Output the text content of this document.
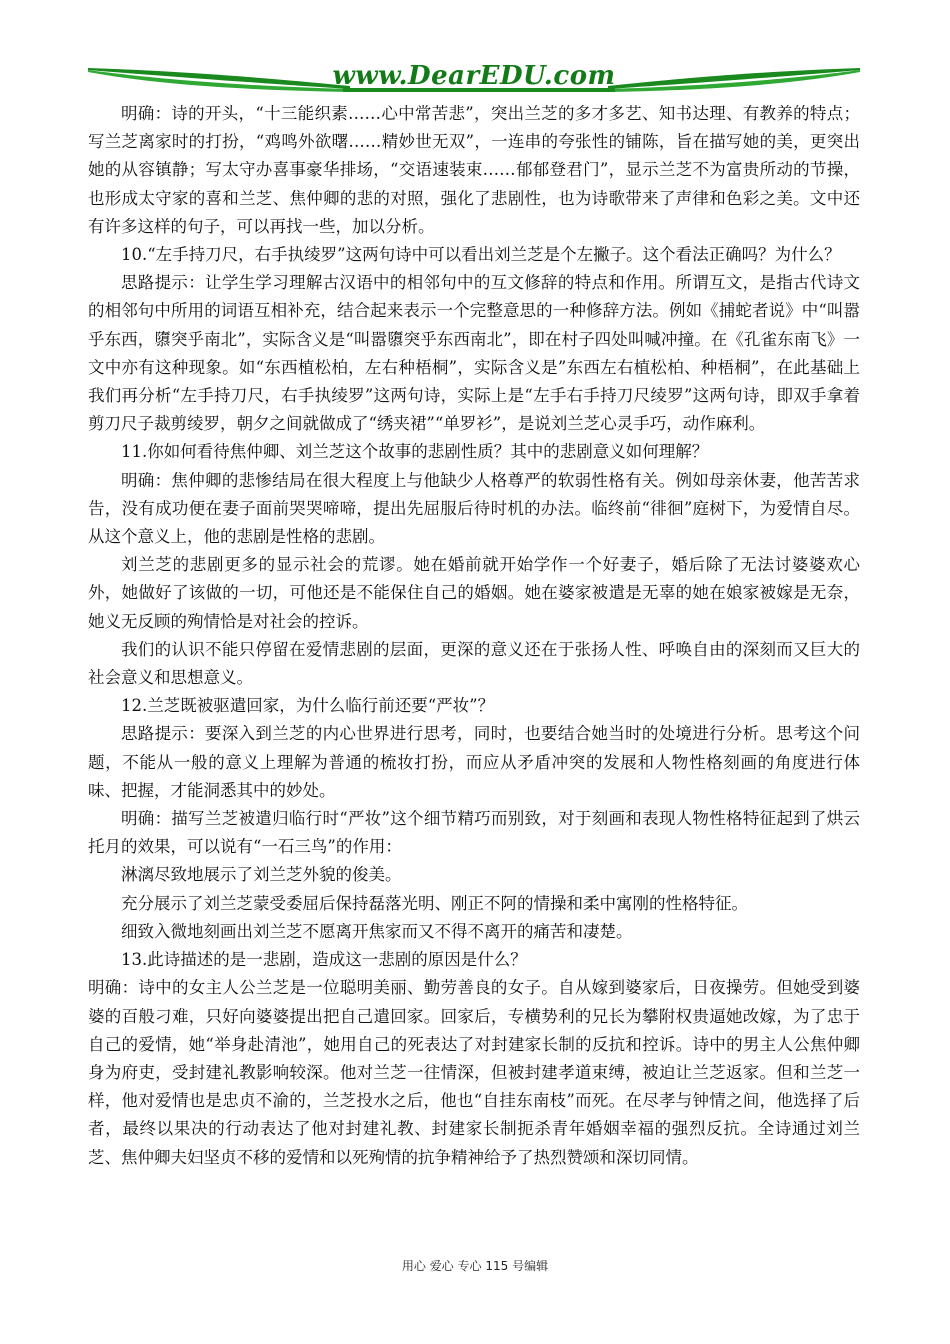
www.DearEDU.com

明确：诗的开头，“十三能织素……心中常苦悲”，突出兰芝的多才多艺、知书达理、有教养的特点；写兰芝离家时的打扮，“鸡鸣外欲曙……精妙世无双”，一连串的夸张性的铺陈，旨在描写她的美，更突出她的从容镇静；写太守办喜事豪华排场，“交语速装束……郁郁登君门”，显示兰芝不为富贵所动的节操，也形成太守家的喜和兰芝、焦仲卿的悲的对照，强化了悲剧性，也为诗歌带来了声律和色彩之美。文中还有许多这样的句子，可以再找一些，加以分析。

10.“左手持刀尺，右手执绫罗”这两句诗中可以看出刘兰芝是个左撇子。这个看法正确吗？为什么？

思路提示：让学生学习理解古汉语中的相邻句中的互文修辞的特点和作用。所谓互文，是指古代诗文的相邻句中所用的词语互相补充，结合起来表示一个完整意思的一种修辞方法。例如《捕蛇者说》中“叫嚣乎东西，隳突乎南北”，实际含义是“叫嚣隳突乎东西南北”，即在村子四处叫喊冲撞。在《孔雀东南飞》一文中亦有这种现象。如“东西植松柏，左右种梧桐”，实际含义是”东西左右植松柏、种梧桐”，在此基础上我们再分析“左手持刀尺，右手执绫罗”这两句诗，实际上是“左手右手持刀尺绫罗”这两句诗，即双手拿着剪刀尺子裁剪绫罗，朝夕之间就做成了“绣夹裙”“单罗衫”，是说刘兰芝心灵手巧，动作麻利。

11.你如何看待焦仲卿、刘兰芝这个故事的悲剧性质？其中的悲剧意义如何理解？

明确：焦仲卿的悲惨结局在很大程度上与他缺少人格尊严的软弱性格有关。例如母亲休妻，他苦苦求告，没有成功便在妻子面前哭哭啼啼，提出先屈服后待时机的办法。临终前“徘徊”庭树下，为爱情自尽。从这个意义上，他的悲剧是性格的悲剧。

刘兰芝的悲剧更多的显示社会的荒谬。她在婚前就开始学作一个好妻子，婚后除了无法讨婆婆欢心外，她做好了该做的一切，可他还是不能保住自己的婚姻。她在婆家被遣是无辜的她在娘家被嫁是无奈，她义无反顾的殉情恰是对社会的控诉。

我们的认识不能只停留在爱情悲剧的层面，更深的意义还在于张扬人性、呼唤自由的深刻而又巨大的社会意义和思想意义。

12.兰芝既被驱遣回家，为什么临行前还要“严妆”？

思路提示：要深入到兰芝的内心世界进行思考，同时，也要结合她当时的处境进行分析。思考这个问题，不能从一般的意义上理解为普通的梳妆打扮，而应从矛盾冲突的发展和人物性格刻画的角度进行体味、把握，才能洞悉其中的妙处。

明确：描写兰芝被遣归临行时“严妆”这个细节精巧而别致，对于刻画和表现人物性格特征起到了烘云托月的效果，可以说有“一石三鸟”的作用：

淋漓尽致地展示了刘兰芝外貌的俊美。

充分展示了刘兰芝蒙受委屈后保持磊落光明、刚正不阿的情操和柔中寓刚的性格特征。

细致入微地刻画出刘兰芝不愿离开焦家而又不得不离开的痛苦和凄楚。

13.此诗描述的是一悲剧，造成这一悲剧的原因是什么？

明确：诗中的女主人公兰芝是一位聪明美丽、勤劳善良的女子。自从嫁到婆家后，日夜操劳。但她受到婆婆的百般刁难，只好向婆婆提出把自己遣回家。回家后，专横势利的兄长为攀附权贵逼她改嫁，为了忠于自己的爱情，她“举身赴清池”，她用自己的死表达了对封建家长制的反抗和控诉。诗中的男主人公焦仲卿身为府吏，受封建礼教影响较深。他对兰芝一往情深，但被封建孝道束缚，被迫让兰芝返家。但和兰芝一样，他对爱情也是忠贞不渝的，兰芝投水之后，他也“自挂东南枝”而死。在尽孝与钟情之间，他选择了后者，最终以果决的行动表达了他对封建礼教、封建家长制扼杀青年婚姻幸福的强烈反抗。全诗通过刘兰芝、焦仲卿夫妇坚贞不移的爱情和以死殉情的抗争精神给予了热烈赞颂和深切同情。

用心 爱心 专心 115 号编辑
